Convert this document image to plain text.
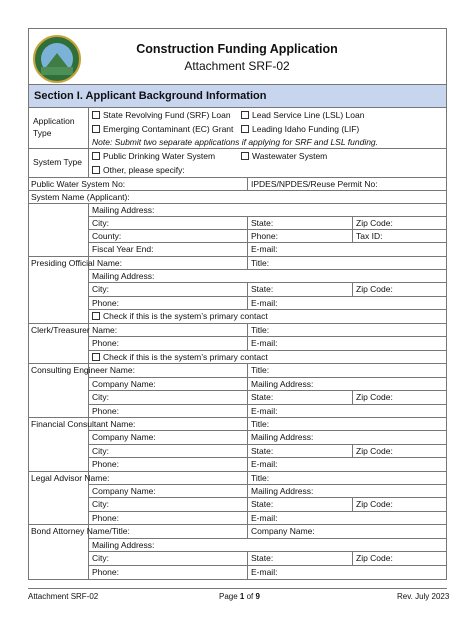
Construction Funding Application
Attachment SRF-02
Section I. Applicant Background Information
Application
Type
State Revolving Fund (SRF) Loan	Lead Service Line (LSL) Loan
Emerging Contaminant (EC) Grant	Leading Idaho Funding (LIF)
Note: Submit two separate applications if applying for SRF and LSL funding.
System Type
Public Drinking Water System	Wastewater System
Other, please specify:
Public Water System No:	IPDES/NPDES/Reuse Permit No:
System Name (Applicant):
Mailing Address:
City:	State:	Zip Code:
County:	Phone:	Tax ID:
Fiscal Year End:	E-mail:
Presiding Official Name:	Title:
Mailing Address:
City:	State:	Zip Code:
Phone:	E-mail:
Check if this is the system’s primary contact
Clerk/Treasurer Name:	Title:
Phone:	E-mail:
Check if this is the system’s primary contact
Consulting Engineer Name:	Title:
Company Name:	Mailing Address:
City:	State:	Zip Code:
Phone:	E-mail:
Financial Consultant Name:	Title:
Company Name:	Mailing Address:
City:	State:	Zip Code:
Phone:	E-mail:
Legal Advisor Name:	Title:
Company Name:	Mailing Address:
City:	State:	Zip Code:
Phone:	E-mail:
Bond Attorney Name/Title:	Company Name:
Mailing Address:
City:	State:	Zip Code:
Phone:	E-mail:
Attachment SRF-02	Page 1 of 9	Rev. July 2023
